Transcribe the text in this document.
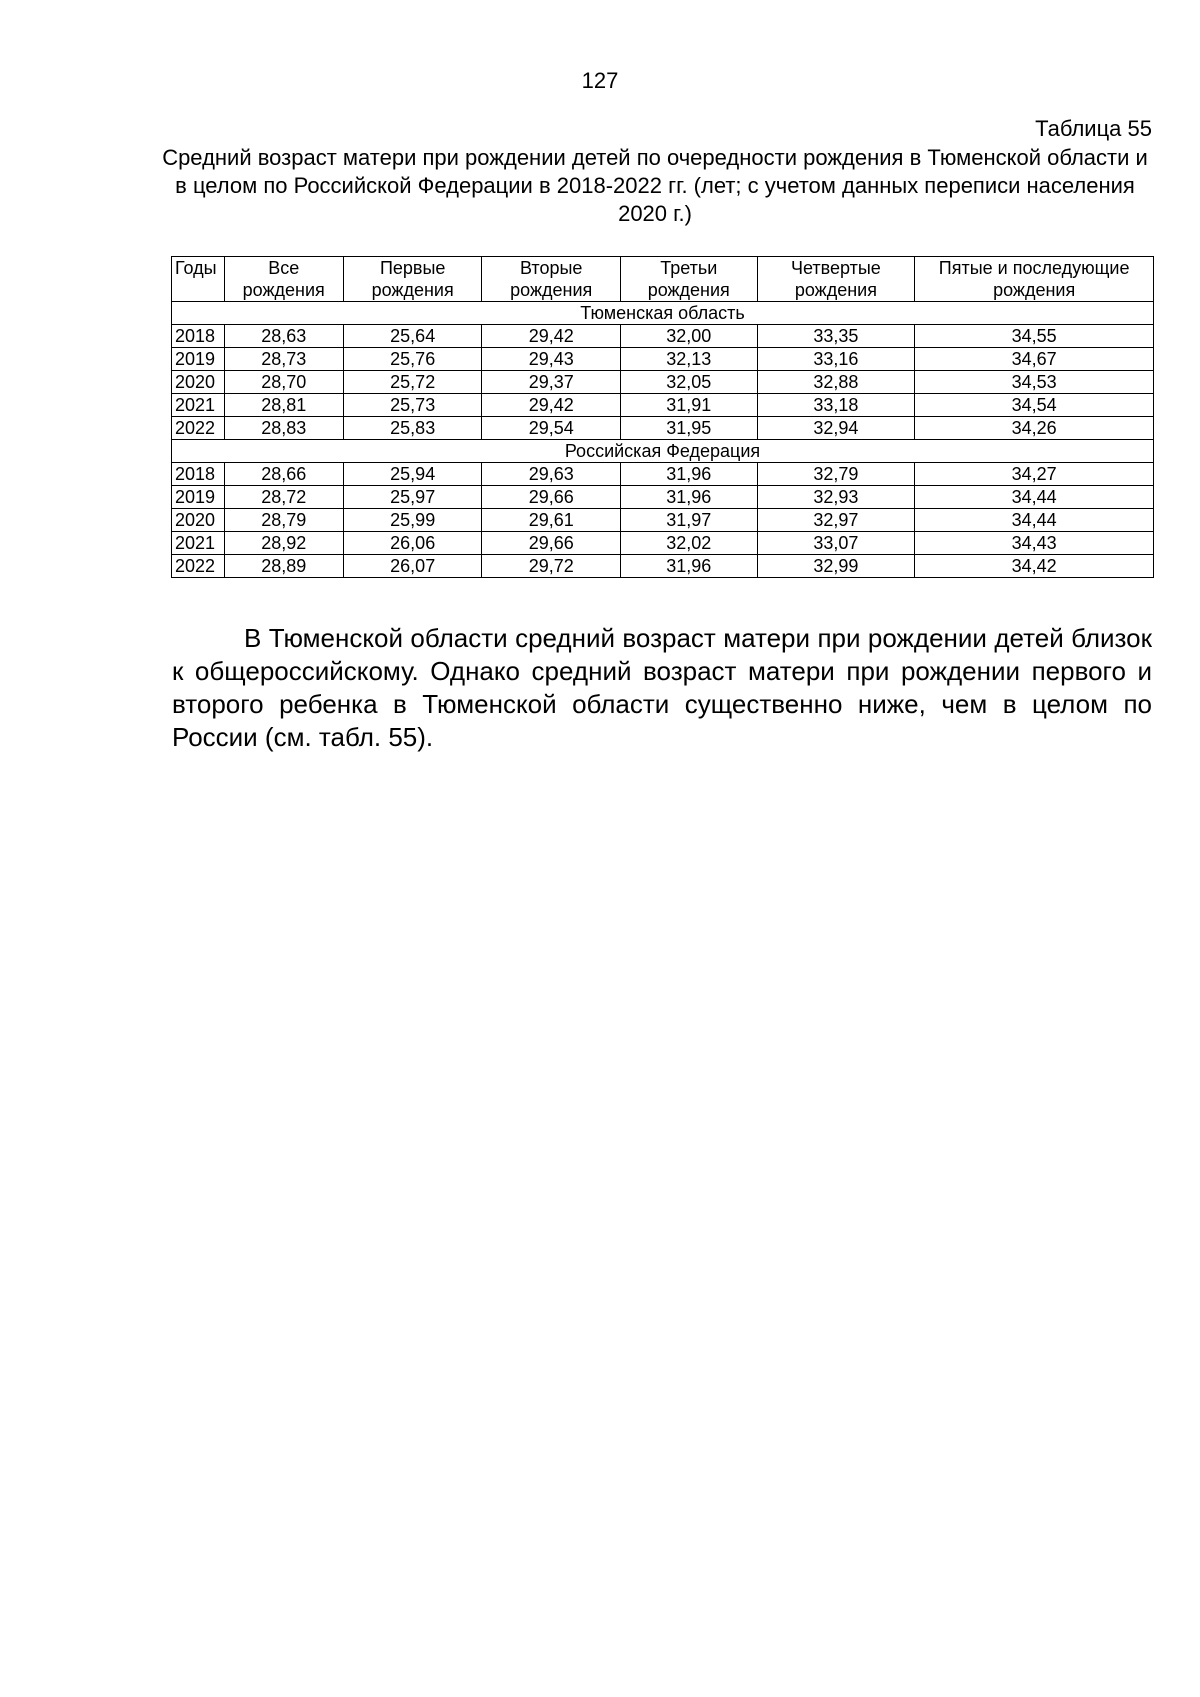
127
Таблица 55
Средний возраст матери при рождении детей по очередности рождения в Тюменской области и в целом по Российской Федерации в 2018-2022 гг. (лет; с учетом данных переписи населения 2020 г.)
Годы	Все рождения	Первые рождения	Вторые рождения	Третьи рождения	Четвертые рождения	Пятые и последующие рождения
Тюменская область						
2018	28,63	25,64	29,42	32,00	33,35	34,55
2019	28,73	25,76	29,43	32,13	33,16	34,67
2020	28,70	25,72	29,37	32,05	32,88	34,53
2021	28,81	25,73	29,42	31,91	33,18	34,54
2022	28,83	25,83	29,54	31,95	32,94	34,26
Российская Федерация						
2018	28,66	25,94	29,63	31,96	32,79	34,27
2019	28,72	25,97	29,66	31,96	32,93	34,44
2020	28,79	25,99	29,61	31,97	32,97	34,44
2021	28,92	26,06	29,66	32,02	33,07	34,43
2022	28,89	26,07	29,72	31,96	32,99	34,42
В Тюменской области средний возраст матери при рождении детей близок к общероссийскому. Однако средний возраст матери при рождении первого и второго ребенка в Тюменской области существенно ниже, чем в целом по России (см. табл. 55).
